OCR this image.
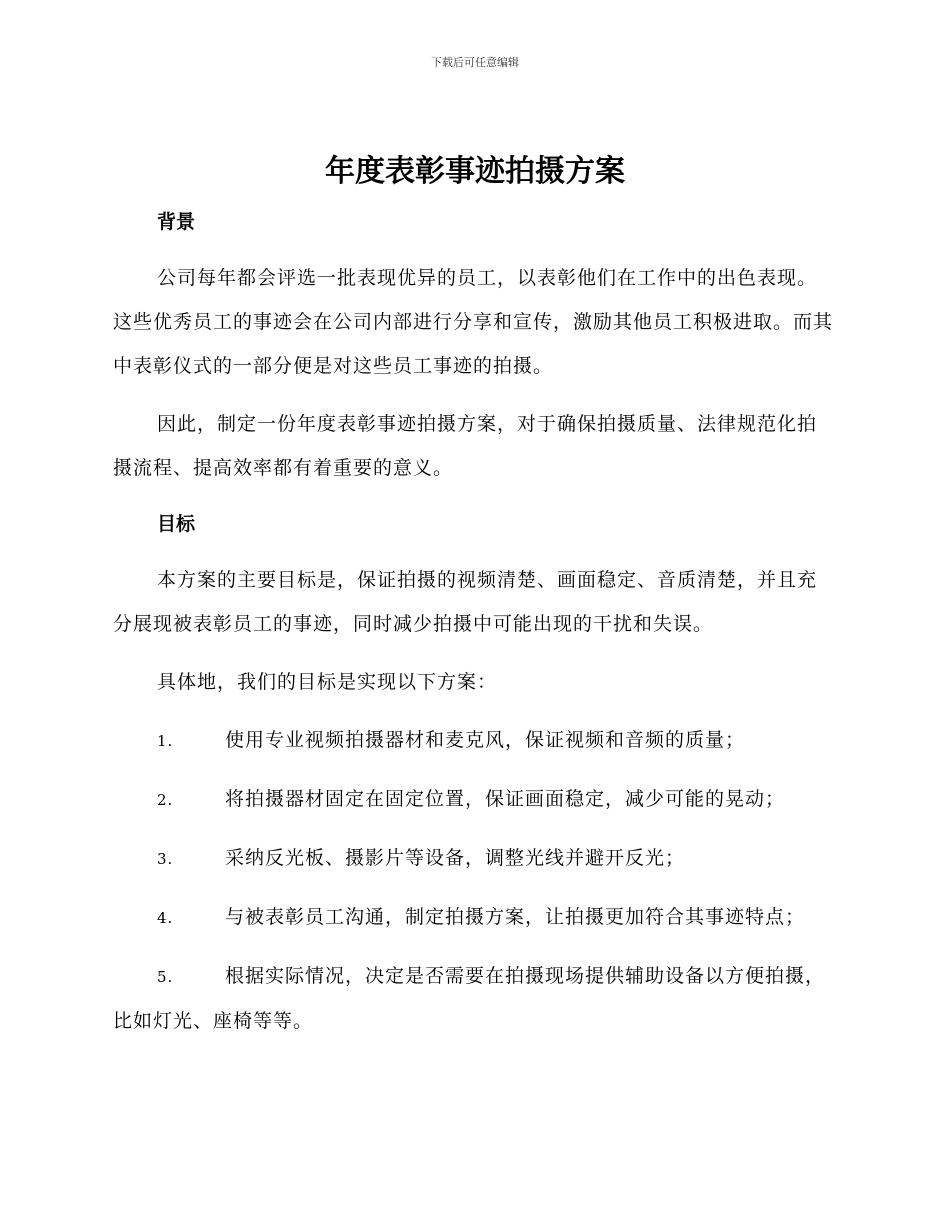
下载后可任意编辑
年度表彰事迹拍摄方案

背景

公司每年都会评选一批表现优异的员工，以表彰他们在工作中的出色表现。这些优秀员工的事迹会在公司内部进行分享和宣传，激励其他员工积极进取。而其中表彰仪式的一部分便是对这些员工事迹的拍摄。

因此，制定一份年度表彰事迹拍摄方案，对于确保拍摄质量、法律规范化拍摄流程、提高效率都有着重要的意义。

目标

本方案的主要目标是，保证拍摄的视频清楚、画面稳定、音质清楚，并且充分展现被表彰员工的事迹，同时减少拍摄中可能出现的干扰和失误。

具体地，我们的目标是实现以下方案：

1.	使用专业视频拍摄器材和麦克风，保证视频和音频的质量；

2.	将拍摄器材固定在固定位置，保证画面稳定，减少可能的晃动；

3.	采纳反光板、摄影片等设备，调整光线并避开反光；

4.	与被表彰员工沟通，制定拍摄方案，让拍摄更加符合其事迹特点；

5.	根据实际情况，决定是否需要在拍摄现场提供辅助设备以方便拍摄，比如灯光、座椅等等。
